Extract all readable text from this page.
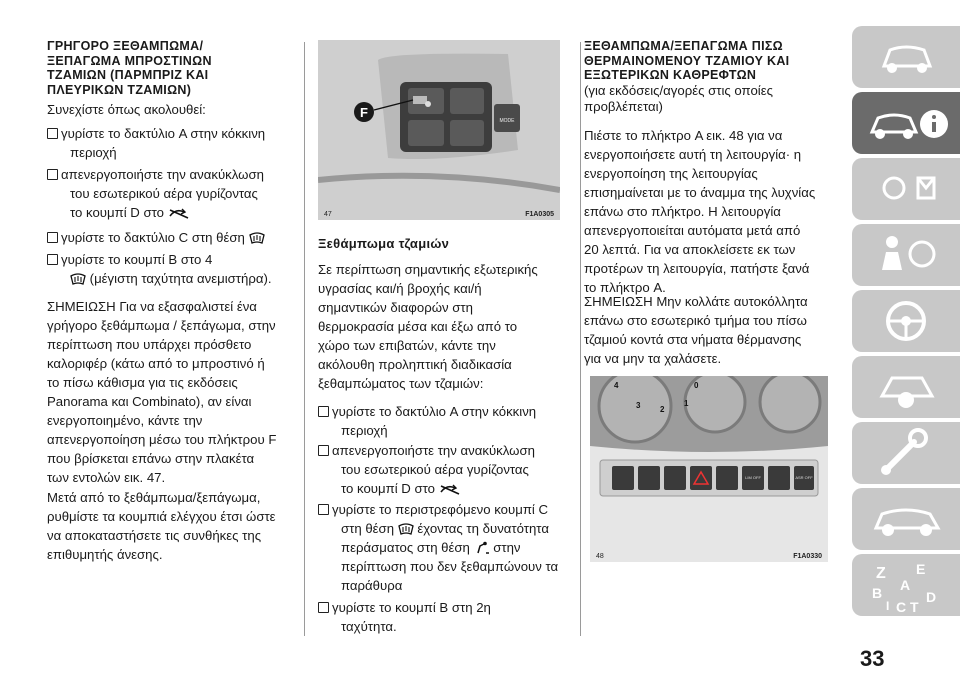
ΓΡΗΓΟΡΟ ΞΕΘΑΜΠΩΜΑ/
ΞΕΠΑΓΩΜΑ ΜΠΡΟΣΤΙΝΩΝ
ΤΖΑΜΙΩΝ (ΠΑΡΜΠΡΙΖ ΚΑΙ
ΠΛΕΥΡΙΚΩΝ ΤΖΑΜΙΩΝ)
Συνεχίστε όπως ακολουθεί:
γυρίστε το δακτύλιο A στην κόκκινη
περιοχή
απενεργοποιήστε την ανακύκλωση
του εσωτερικού αέρα γυρίζοντας
το κουμπί D στο
γυρίστε το δακτύλιο C στη θέση
γυρίστε το κουμπί B στο 4
(μέγιστη ταχύτητα ανεμιστήρα).
ΣΗΜΕΙΩΣΗ Για να εξασφαλιστεί ένα
γρήγορο ξεθάμπωμα / ξεπάγωμα, στην
περίπτωση που υπάρχει πρόσθετο
καλοριφέρ (κάτω από το μπροστινό ή
το πίσω κάθισμα για τις εκδόσεις
Panorama και Combinato), αν είναι
ενεργοποιημένο, κάντε την
απενεργοποίηση μέσω του πλήκτρου F
που βρίσκεται επάνω στην πλακέτα
των εντολών εικ. 47.
Μετά από το ξεθάμπωμα/ξεπάγωμα,
ρυθμίστε τα κουμπιά ελέγχου έτσι ώστε
να αποκαταστήσετε τις συνθήκες της
επιθυμητής άνεσης.
MODE
F
47	F1A0305
Ξεθάμπωμα τζαμιών
Σε περίπτωση σημαντικής εξωτερικής
υγρασίας και/ή βροχής και/ή
σημαντικών διαφορών στη
θερμοκρασία μέσα και έξω από το
χώρο των επιβατών, κάντε την
ακόλουθη προληπτική διαδικασία
ξεθαμπώματος των τζαμιών:
γυρίστε το δακτύλιο A στην κόκκινη
περιοχή
απενεργοποιήστε την ανακύκλωση
του εσωτερικού αέρα γυρίζοντας
το κουμπί D στο
γυρίστε το περιστρεφόμενο κουμπί C
στη θέση έχοντας τη δυνατότητα
περάσματος στη θέση στην
περίπτωση που δεν ξεθαμπώνουν τα
παράθυρα
γυρίστε το κουμπί B στη 2η
ταχύτητα.
ΞΕΘΑΜΠΩΜΑ/ΞΕΠΑΓΩΜΑ ΠΙΣΩ
ΘΕΡΜΑΙΝΟΜΕΝΟΥ ΤΖΑΜΙΟΥ ΚΑΙ
ΕΞΩΤΕΡΙΚΩΝ ΚΑΘΡΕΦΤΩΝ
(για εκδόσεις/αγορές στις οποίες
προβλέπεται)
Πιέστε το πλήκτρο A εικ. 48 για να
ενεργοποιήσετε αυτή τη λειτουργία· η
ενεργοποίηση της λειτουργίας
επισημαίνεται με το άναμμα της λυχνίας
επάνω στο πλήκτρο. Η λειτουργία
απενεργοποιείται αυτόματα μετά από
20 λεπτά. Για να αποκλείσετε εκ των
προτέρων τη λειτουργία, πατήστε ξανά
το πλήκτρο A.
ΣΗΜΕΙΩΣΗ Μην κολλάτε αυτοκόλλητα
επάνω στο εσωτερικό τμήμα του πίσω
τζαμιού κοντά στα νήματα θέρμανσης
για να μην τα χαλάσετε.
4
3 2
1
0
LIM OFF	ASR OFF
48	F1A0330
Z E
B A
I C T
D
33
